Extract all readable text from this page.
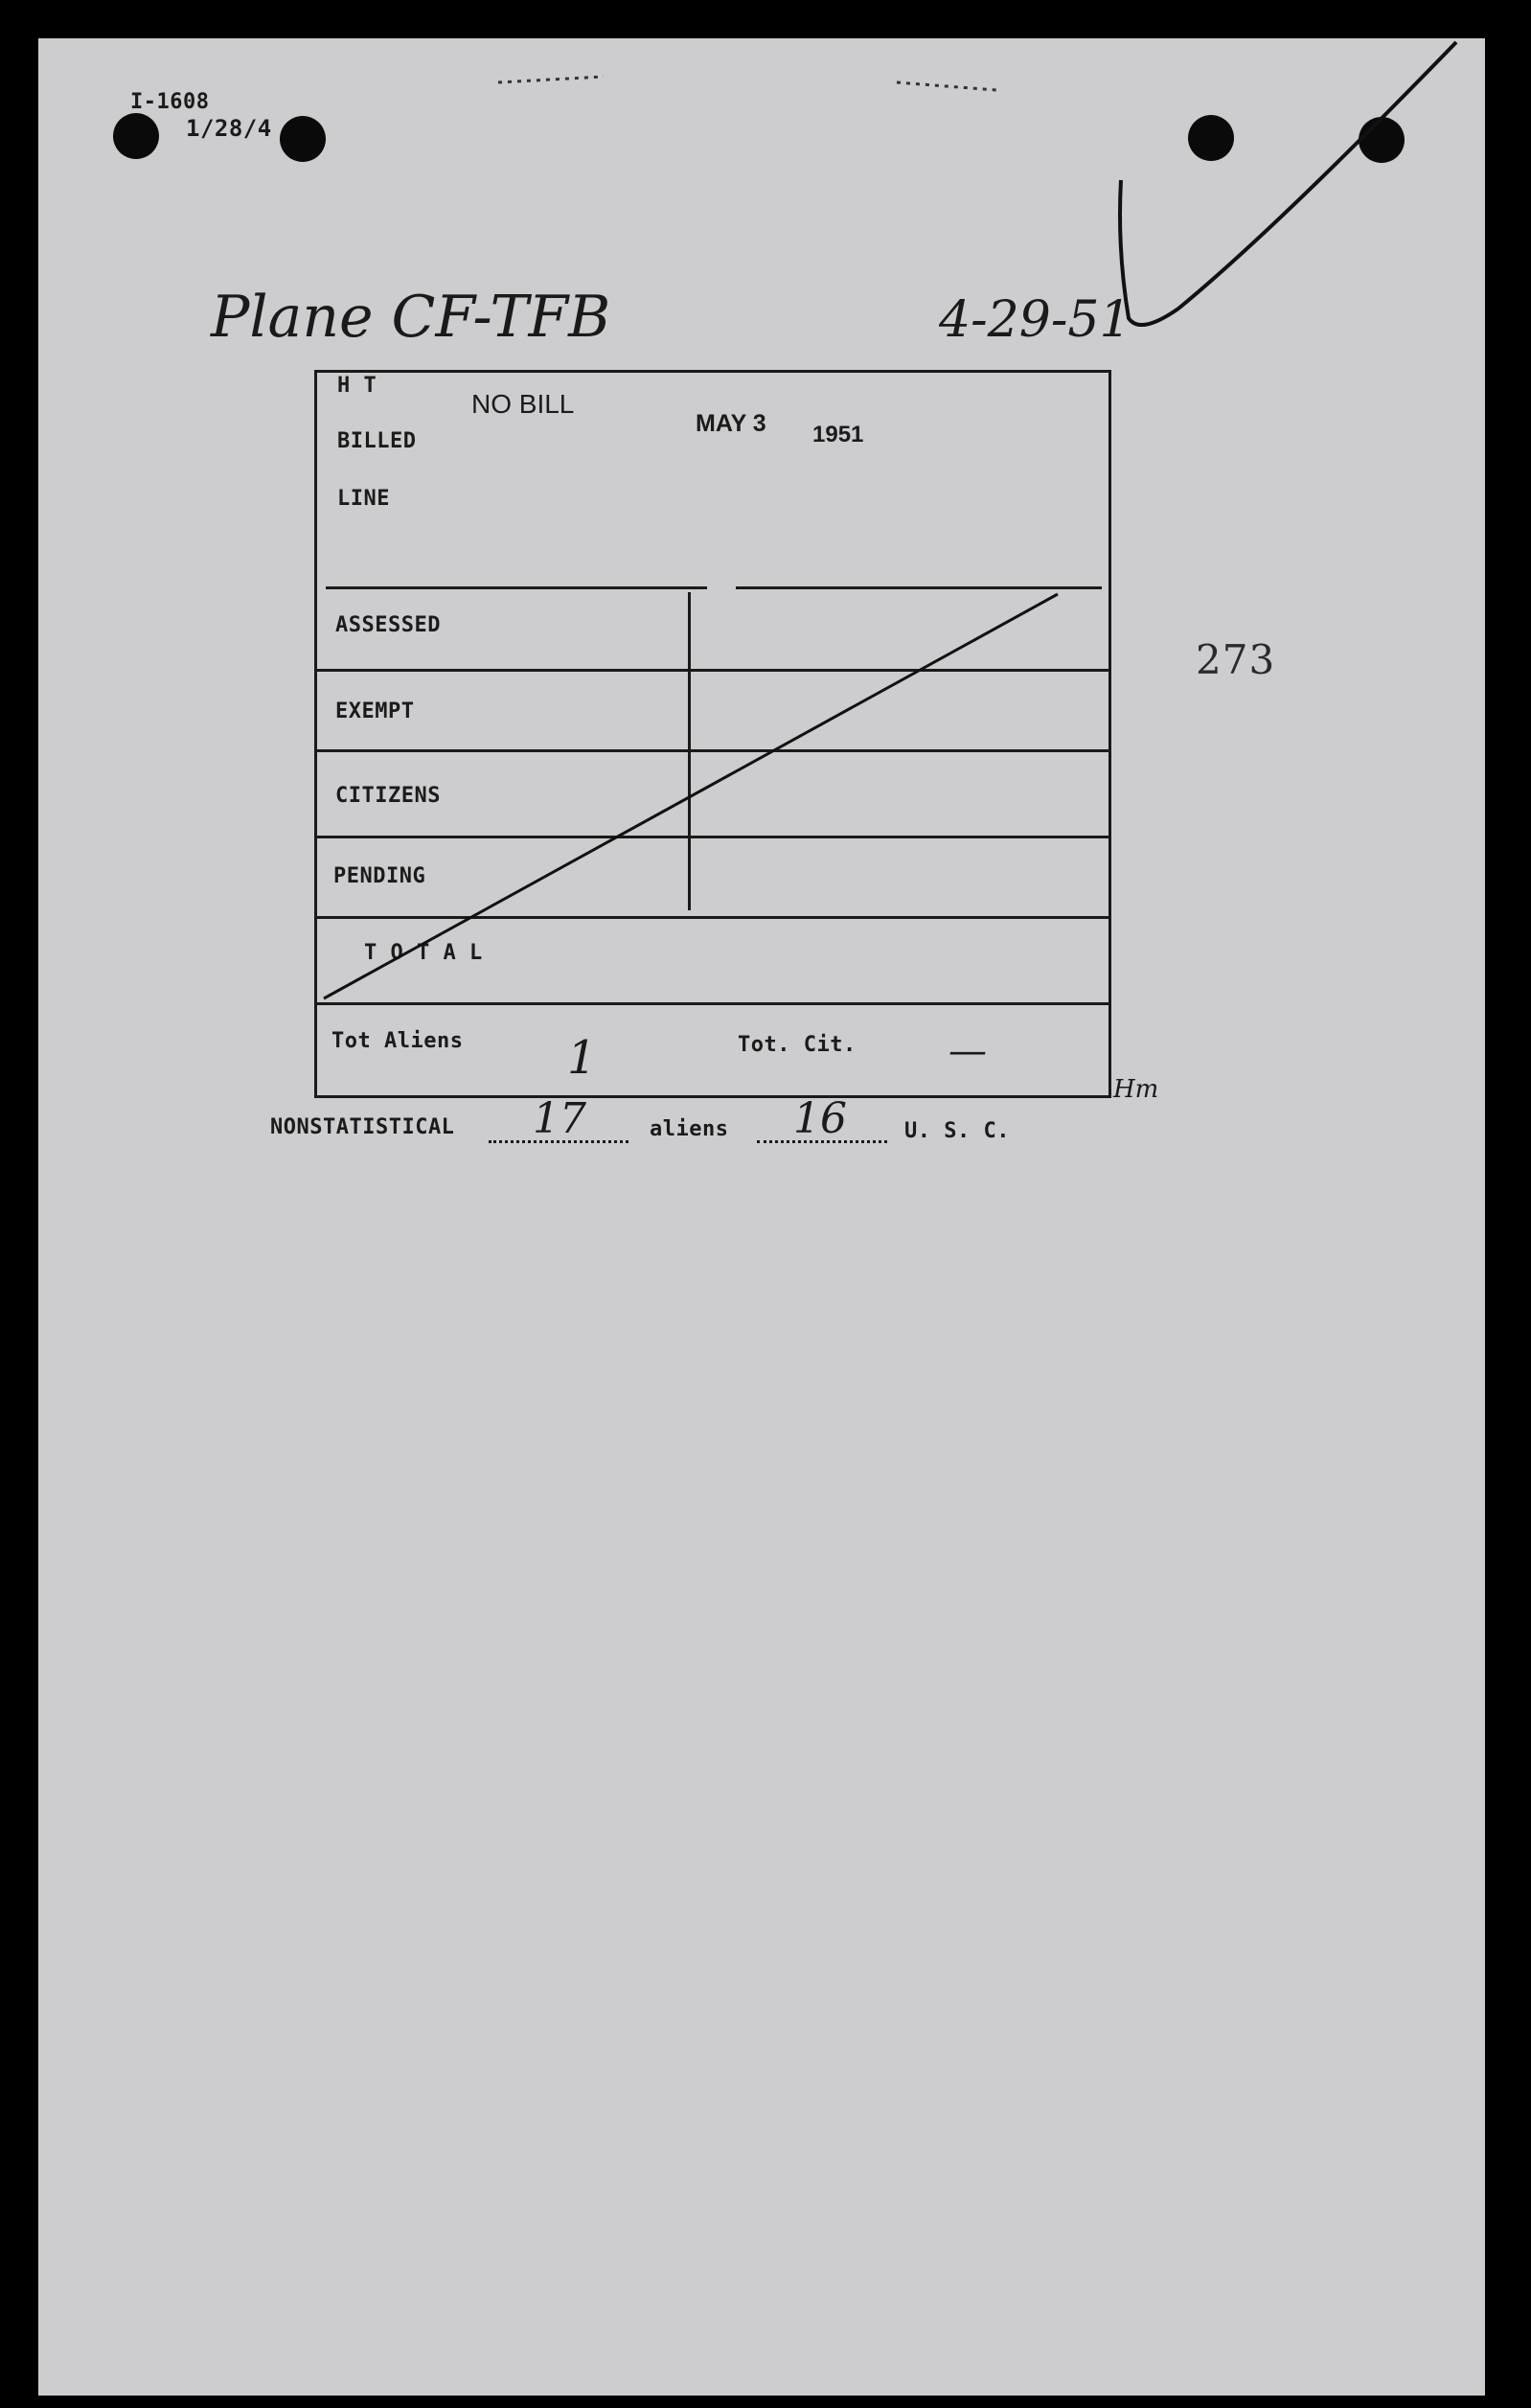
I-1608
1/28/4
Plane CF-TFB	4-29-51
H T
NO BILL
MAY 3 1951
BILLED
LINE
ASSESSED
EXEMPT
CITIZENS
PENDING
T O T A L
Tot Aliens 1	Tot. Cit. —
Hm
273
NONSTATISTICAL 17	aliens 16	U. S. C.
